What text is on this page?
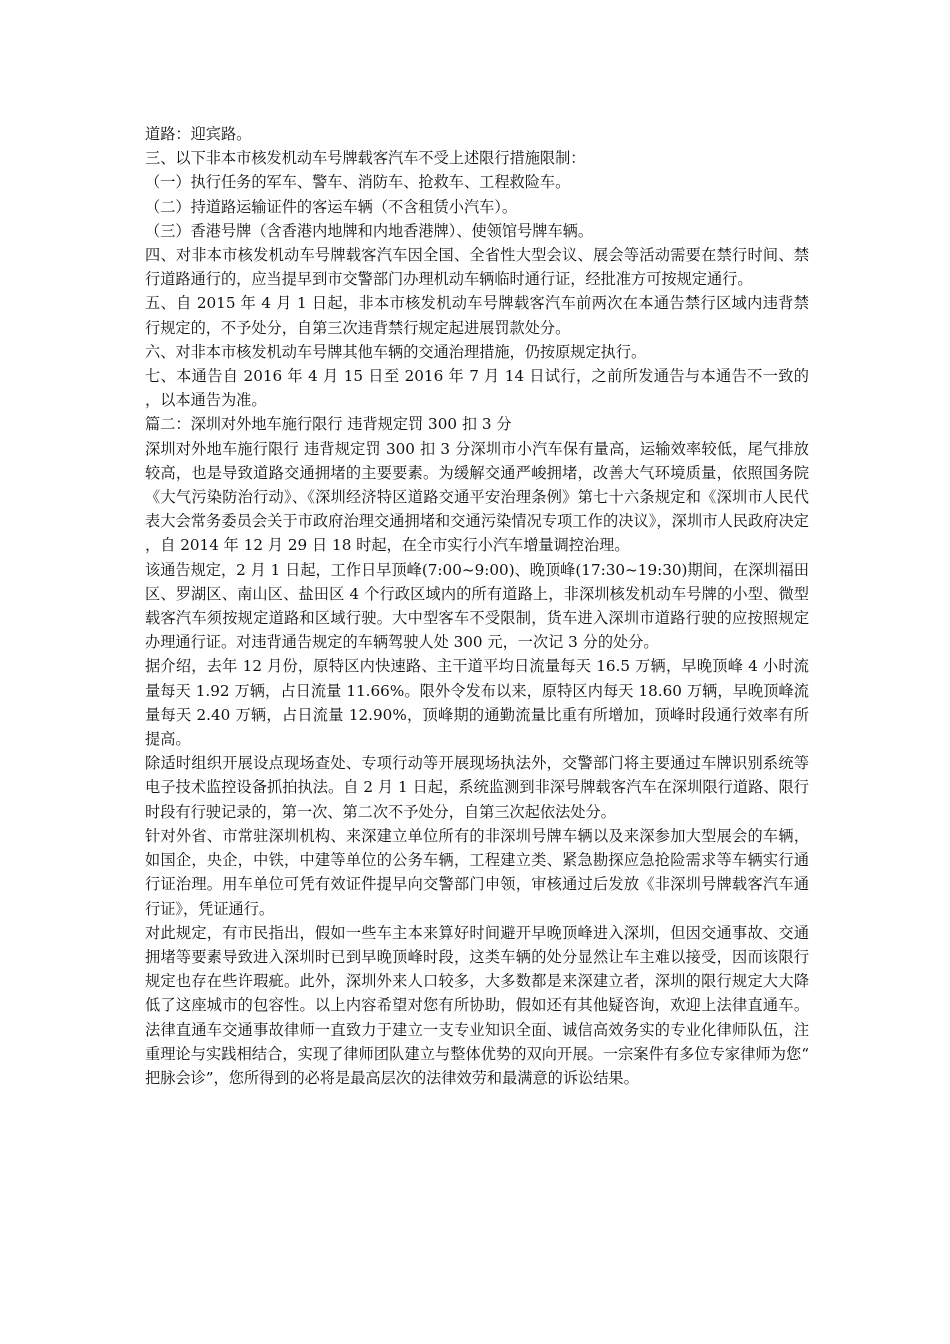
道路：迎宾路。

三、以下非本市核发机动车号牌载客汽车不受上述限行措施限制：

（一）执行任务的军车、警车、消防车、抢救车、工程救险车。

（二）持道路运输证件的客运车辆（不含租赁小汽车）。

（三）香港号牌（含香港内地牌和内地香港牌）、使领馆号牌车辆。

四、对非本市核发机动车号牌载客汽车因全国、全省性大型会议、展会等活动需要在禁行时间、禁行道路通行的，应当提早到市交警部门办理机动车辆临时通行证，经批准方可按规定通行。

五、自 2015 年 4 月 1 日起，非本市核发机动车号牌载客汽车前两次在本通告禁行区域内违背禁行规定的，不予处分，自第三次违背禁行规定起进展罚款处分。

六、对非本市核发机动车号牌其他车辆的交通治理措施，仍按原规定执行。

七、本通告自 2016 年 4 月 15 日至 2016 年 7 月 14 日试行，之前所发通告与本通告不一致的，以本通告为准。

篇二：深圳对外地车施行限行 违背规定罚 300 扣 3 分

深圳对外地车施行限行 违背规定罚 300 扣 3 分深圳市小汽车保有量高，运输效率较低，尾气排放较高，也是导致道路交通拥堵的主要要素。为缓解交通严峻拥堵，改善大气环境质量，依照国务院《大气污染防治行动》、《深圳经济特区道路交通平安治理条例》第七十六条规定和《深圳市人民代表大会常务委员会关于市政府治理交通拥堵和交通污染情况专项工作的决议》，深圳市人民政府决定，自 2014 年 12 月 29 日 18 时起，在全市实行小汽车增量调控治理。

该通告规定，2 月 1 日起，工作日早顶峰(7:00~9:00)、晚顶峰(17:30~19:30)期间，在深圳福田区、罗湖区、南山区、盐田区 4 个行政区域内的所有道路上，非深圳核发机动车号牌的小型、微型载客汽车须按规定道路和区域行驶。大中型客车不受限制，货车进入深圳市道路行驶的应按照规定办理通行证。对违背通告规定的车辆驾驶人处 300 元，一次记 3 分的处分。

据介绍，去年 12 月份，原特区内快速路、主干道平均日流量每天 16.5 万辆，早晚顶峰 4 小时流量每天 1.92 万辆，占日流量 11.66%。限外令发布以来，原特区内每天 18.60 万辆，早晚顶峰流量每天 2.40 万辆，占日流量 12.90%，顶峰期的通勤流量比重有所增加，顶峰时段通行效率有所提高。

除适时组织开展设点现场查处、专项行动等开展现场执法外，交警部门将主要通过车牌识别系统等电子技术监控设备抓拍执法。自 2 月 1 日起，系统监测到非深号牌载客汽车在深圳限行道路、限行时段有行驶记录的，第一次、第二次不予处分，自第三次起依法处分。

针对外省、市常驻深圳机构、来深建立单位所有的非深圳号牌车辆以及来深参加大型展会的车辆，如国企，央企，中铁，中建等单位的公务车辆，工程建立类、紧急勘探应急抢险需求等车辆实行通行证治理。用车单位可凭有效证件提早向交警部门申领，审核通过后发放《非深圳号牌载客汽车通行证》，凭证通行。

对此规定，有市民指出，假如一些车主本来算好时间避开早晚顶峰进入深圳，但因交通事故、交通拥堵等要素导致进入深圳时已到早晚顶峰时段，这类车辆的处分显然让车主难以接受，因而该限行规定也存在些许瑕疵。此外，深圳外来人口较多，大多数都是来深建立者，深圳的限行规定大大降低了这座城市的包容性。以上内容希望对您有所协助，假如还有其他疑咨询，欢迎上法律直通车。法律直通车交通事故律师一直致力于建立一支专业知识全面、诚信高效务实的专业化律师队伍，注重理论与实践相结合，实现了律师团队建立与整体优势的双向开展。一宗案件有多位专家律师为您“把脉会诊”，您所得到的必将是最高层次的法律效劳和最满意的诉讼结果。
